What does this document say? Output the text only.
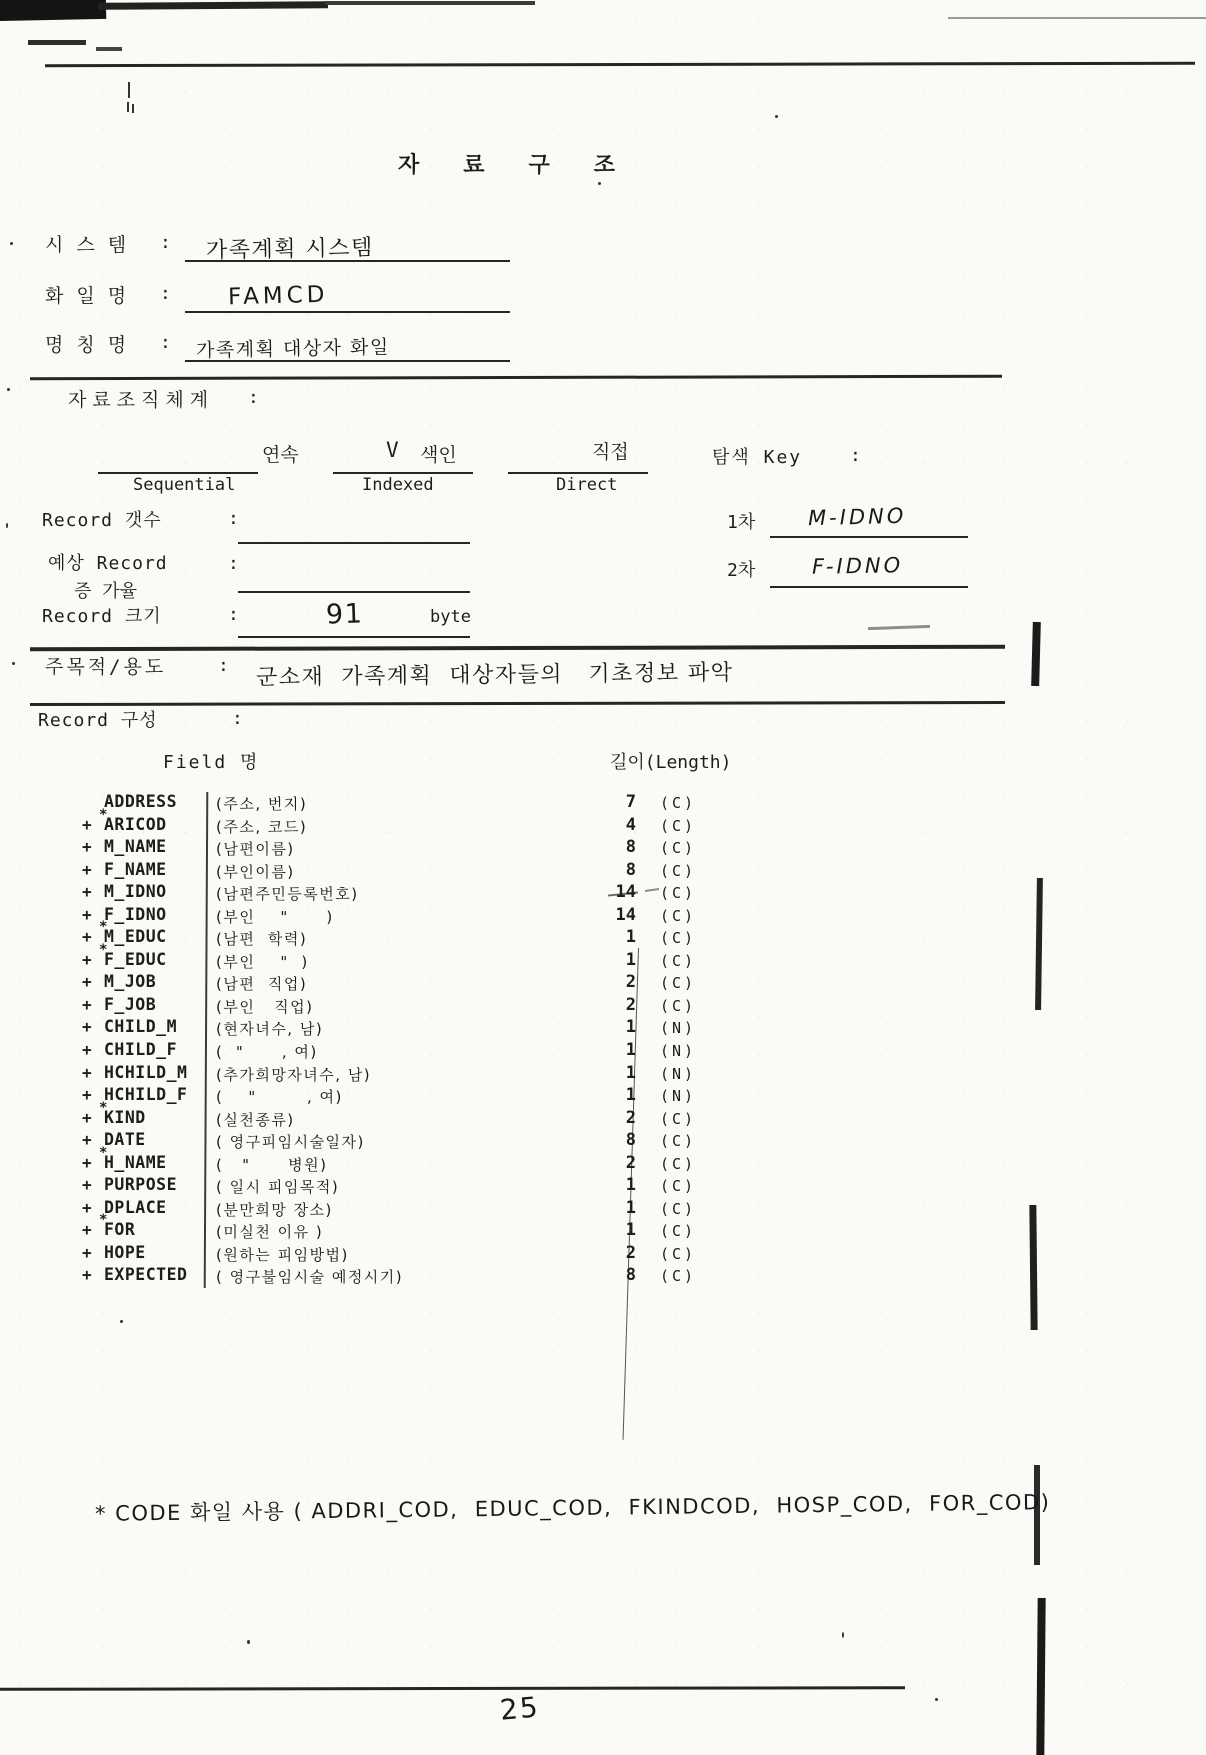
자료구조
시스템 : 가족계획 시스템
화일명 : FAMCD
명칭명 : 가족계획 대상자 화일
자료조직체계 :
연속
Sequential
V 색인
Indexed
직접
Direct
탐색 Key	:
Record 갯수	:	1차 M-IDNO
예상 Record
증 가율
:	2차	F-IDNO
Record 크기	:	91	byte
주목적/용도	: 군소재  가족계획  대상자들의   기초정보 파악
Record 구성	:
Field 명	길이(Length)
ADDRESS	(주소, 번지)	7 (C)
+ *
ARICOD	(주소, 코드)	4 (C)
+ M_NAME	(남편이름)	8 (C)
+ F_NAME	(부인이름)	8 (C)
+ M_IDNO	(남편주민등록번호)	14 (C)
+ F_IDNO	(부인    "      )	14 (C)
+ *
M_EDUC	(남편  학력)	1 (C)
+ *
F_EDUC	(부인    "  )	1 (C)
+ M_JOB	(남편  직업)	2 (C)
+ F_JOB	(부인   직업)	2 (C)
+ CHILD_M	(현자녀수, 남)	1 (N)
+ CHILD_F	(  "      , 여)	1 (N)
+ HCHILD_M (추가희망자녀수, 남)	1 (N)
+ HCHILD_F (    "        , 여)	1 (N)
+ *
KIND	(실천종류)	2 (C)
+ DATE	( 영구피임시술일자)	8 (C)
+ *
H_NAME	(   "      병원)	2 (C)
+ PURPOSE	( 일시 피임목적)	1 (C)
+ DPLACE	(분만희망 장소)	1 (C)
+ *
FOR	(미실천 이유 )	1 (C)
+ HOPE	(원하는 피임방법)	2 (C)
+ EXPECTED ( 영구불임시술 예정시기)	8 (C)
* CODE 화일 사용 ( ADDRI_COD,  EDUC_COD,  FKINDCOD,  HOSP_COD,  FOR_COD)
25
